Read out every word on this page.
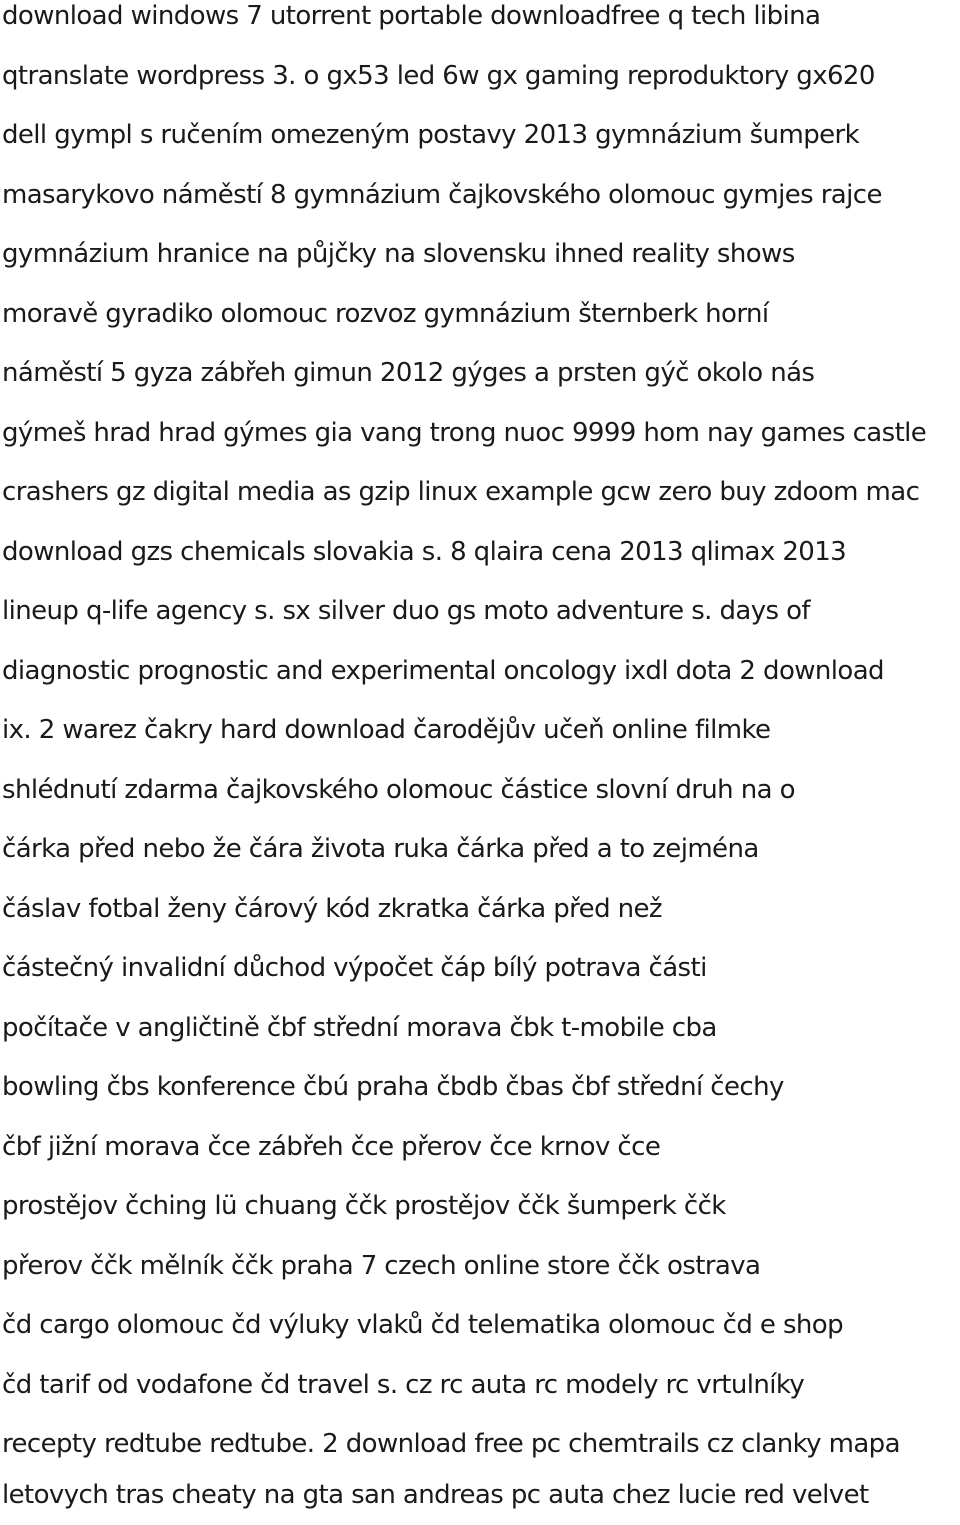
download windows 7 utorrent portable downloadfree q tech libina
qtranslate wordpress 3. o gx53 led 6w gx gaming reproduktory gx620
dell gympl s ručením omezeným postavy 2013 gymnázium šumperk
masarykovo náměstí 8 gymnázium čajkovského olomouc gymjes rajce
gymnázium hranice na půjčky na slovensku ihned reality shows
moravě gyradiko olomouc rozvoz gymnázium šternberk horní
náměstí 5 gyza zábřeh gimun 2012 gýges a prsten gýč okolo nás
gýmeš hrad hrad gýmes gia vang trong nuoc 9999 hom nay games castle
crashers gz digital media as gzip linux example gcw zero buy zdoom mac
download gzs chemicals slovakia s. 8 qlaira cena 2013 qlimax 2013
lineup q-life agency s. sx silver duo gs moto adventure s. days of
diagnostic prognostic and experimental oncology ixdl dota 2 download
ix. 2 warez čakry hard download čarodějův učeň online filmke
shlédnutí zdarma čajkovského olomouc částice slovní druh na o
čárka před nebo že čára života ruka čárka před a to zejména
čáslav fotbal ženy čárový kód zkratka čárka před než
částečný invalidní důchod výpočet čáp bílý potrava části
počítače v angličtině čbf střední morava čbk t-mobile cba
bowling čbs konference čbú praha čbdb čbas čbf střední čechy
čbf jižní morava čce zábřeh čce přerov čce krnov čce
prostějov čching lü chuang ččk prostějov ččk šumperk ččk
přerov ččk mělník ččk praha 7 czech online store ččk ostrava
čd cargo olomouc čd výluky vlaků čd telematika olomouc čd e shop
čd tarif od vodafone čd travel s. cz rc auta rc modely rc vrtulníky
recepty redtube redtube. 2 download free pc chemtrails cz clanky mapa
letovych tras cheaty na gta san andreas pc auta chez lucie red velvet
